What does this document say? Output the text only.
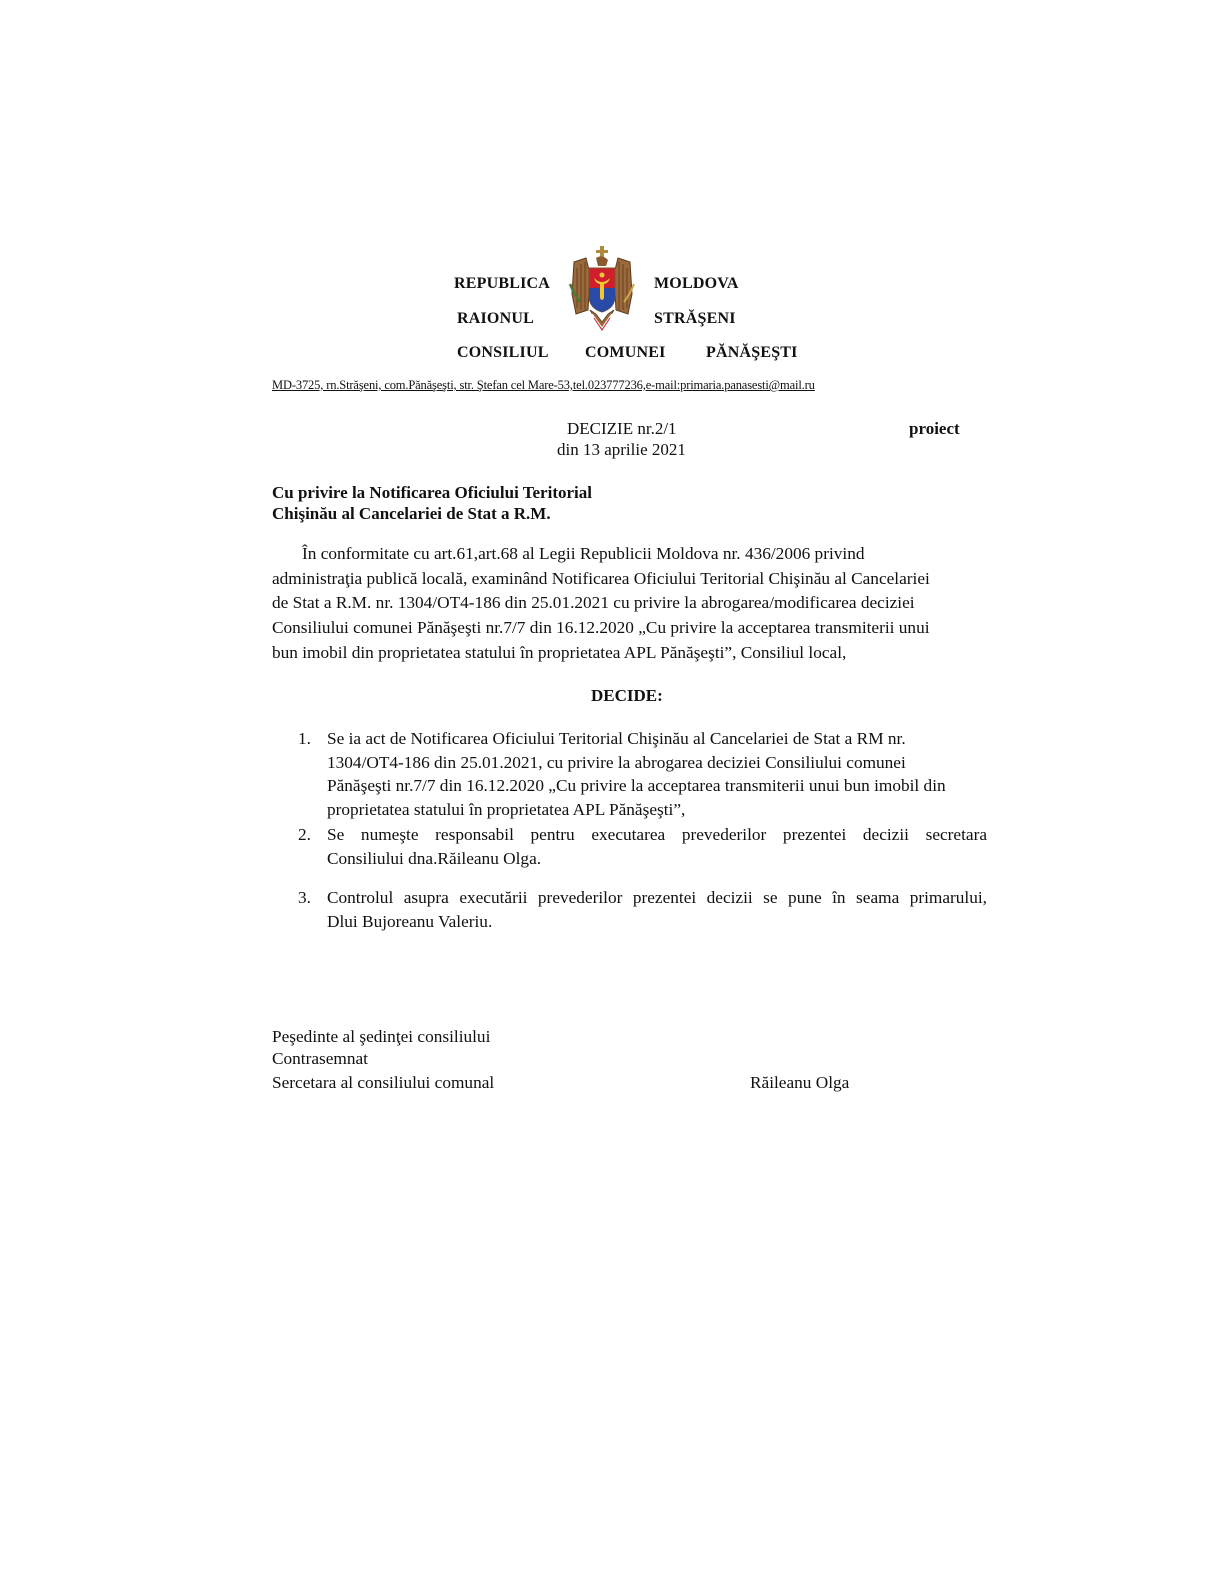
REPUBLICA	MOLDOVA
RAIONUL	STRĂŞENI
CONSILIUL COMUNEI	PĂNĂŞEŞTI
MD-3725, rn.Străşeni, com.Pănăşeşti, str. Ştefan cel Mare-53,tel.023777236,e-mail:primaria.panasesti@mail.ru
DECIZIE nr.2/1
din 13 aprilie 2021
proiect
Cu privire la Notificarea Oficiului Teritorial
Chişinău al Cancelariei de Stat a R.M.
În conformitate cu art.61,art.68 al Legii Republicii Moldova nr. 436/2006 privind
administraţia publică locală, examinând Notificarea Oficiului Teritorial Chişinău al Cancelariei
de Stat a R.M. nr. 1304/OT4-186 din 25.01.2021 cu privire la abrogarea/modificarea deciziei
Consiliului comunei Pănăşeşti nr.7/7 din 16.12.2020 „Cu privire la acceptarea transmiterii unui
bun imobil din proprietatea statului în proprietatea APL Pănăşeşti”, Consiliul local,
DECIDE:
1. Se ia act de Notificarea Oficiului Teritorial Chişinău al Cancelariei de Stat a RM nr.
1304/OT4-186 din 25.01.2021, cu privire la abrogarea deciziei Consiliului comunei
Pănăşeşti nr.7/7 din 16.12.2020 „Cu privire la acceptarea transmiterii unui bun imobil din
proprietatea statului în proprietatea APL Pănăşeşti”,
2. Se numeşte responsabil pentru executarea prevederilor prezentei decizii secretara
Consiliului dna.Răileanu Olga.
3. Controlul asupra executării prevederilor prezentei decizii se pune în seama primarului,
Dlui Bujoreanu Valeriu.
Peşedinte al şedinţei consiliului
Contrasemnat
Sercetara al consiliului comunal	Răileanu Olga
